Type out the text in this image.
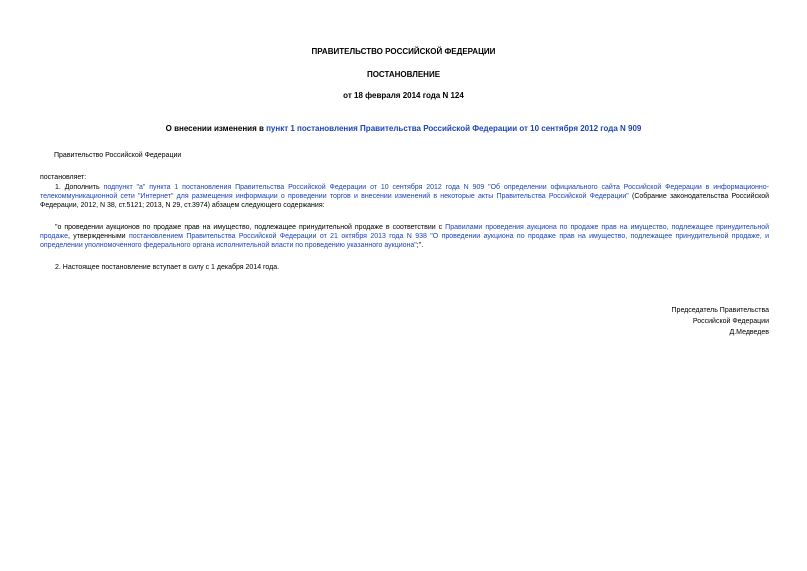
ПРАВИТЕЛЬСТВО РОССИЙСКОЙ ФЕДЕРАЦИИ
ПОСТАНОВЛЕНИЕ
от 18 февраля 2014 года N 124
О внесении изменения в пункт 1 постановления Правительства Российской Федерации от 10 сентября 2012 года N 909
Правительство Российской Федерации
постановляет:
1. Дополнить подпункт "а" пункта 1 постановления Правительства Российской Федерации от 10 сентября 2012 года N 909 "Об определении официального сайта Российской Федерации в информационно-телекоммуникационной сети "Интернет" для размещения информации о проведении торгов и внесении изменений в некоторые акты Правительства Российской Федерации" (Собрание законодательства Российской Федерации, 2012, N 38, ст.5121; 2013, N 29, ст.3974) абзацем следующего содержания:
"о проведении аукционов по продаже прав на имущество, подлежащее принудительной продаже в соответствии с Правилами проведения аукциона по продаже прав на имущество, подлежащее принудительной продаже, утвержденными постановлением Правительства Российской Федерации от 21 октября 2013 года N 938 "О проведении аукциона по продаже прав на имущество, подлежащее принудительной продаже, и определении уполномоченного федерального органа исполнительной власти по проведению указанного аукциона";".
2. Настоящее постановление вступает в силу с 1 декабря 2014 года.
Председатель Правительства
Российской Федерации
Д.Медведев
